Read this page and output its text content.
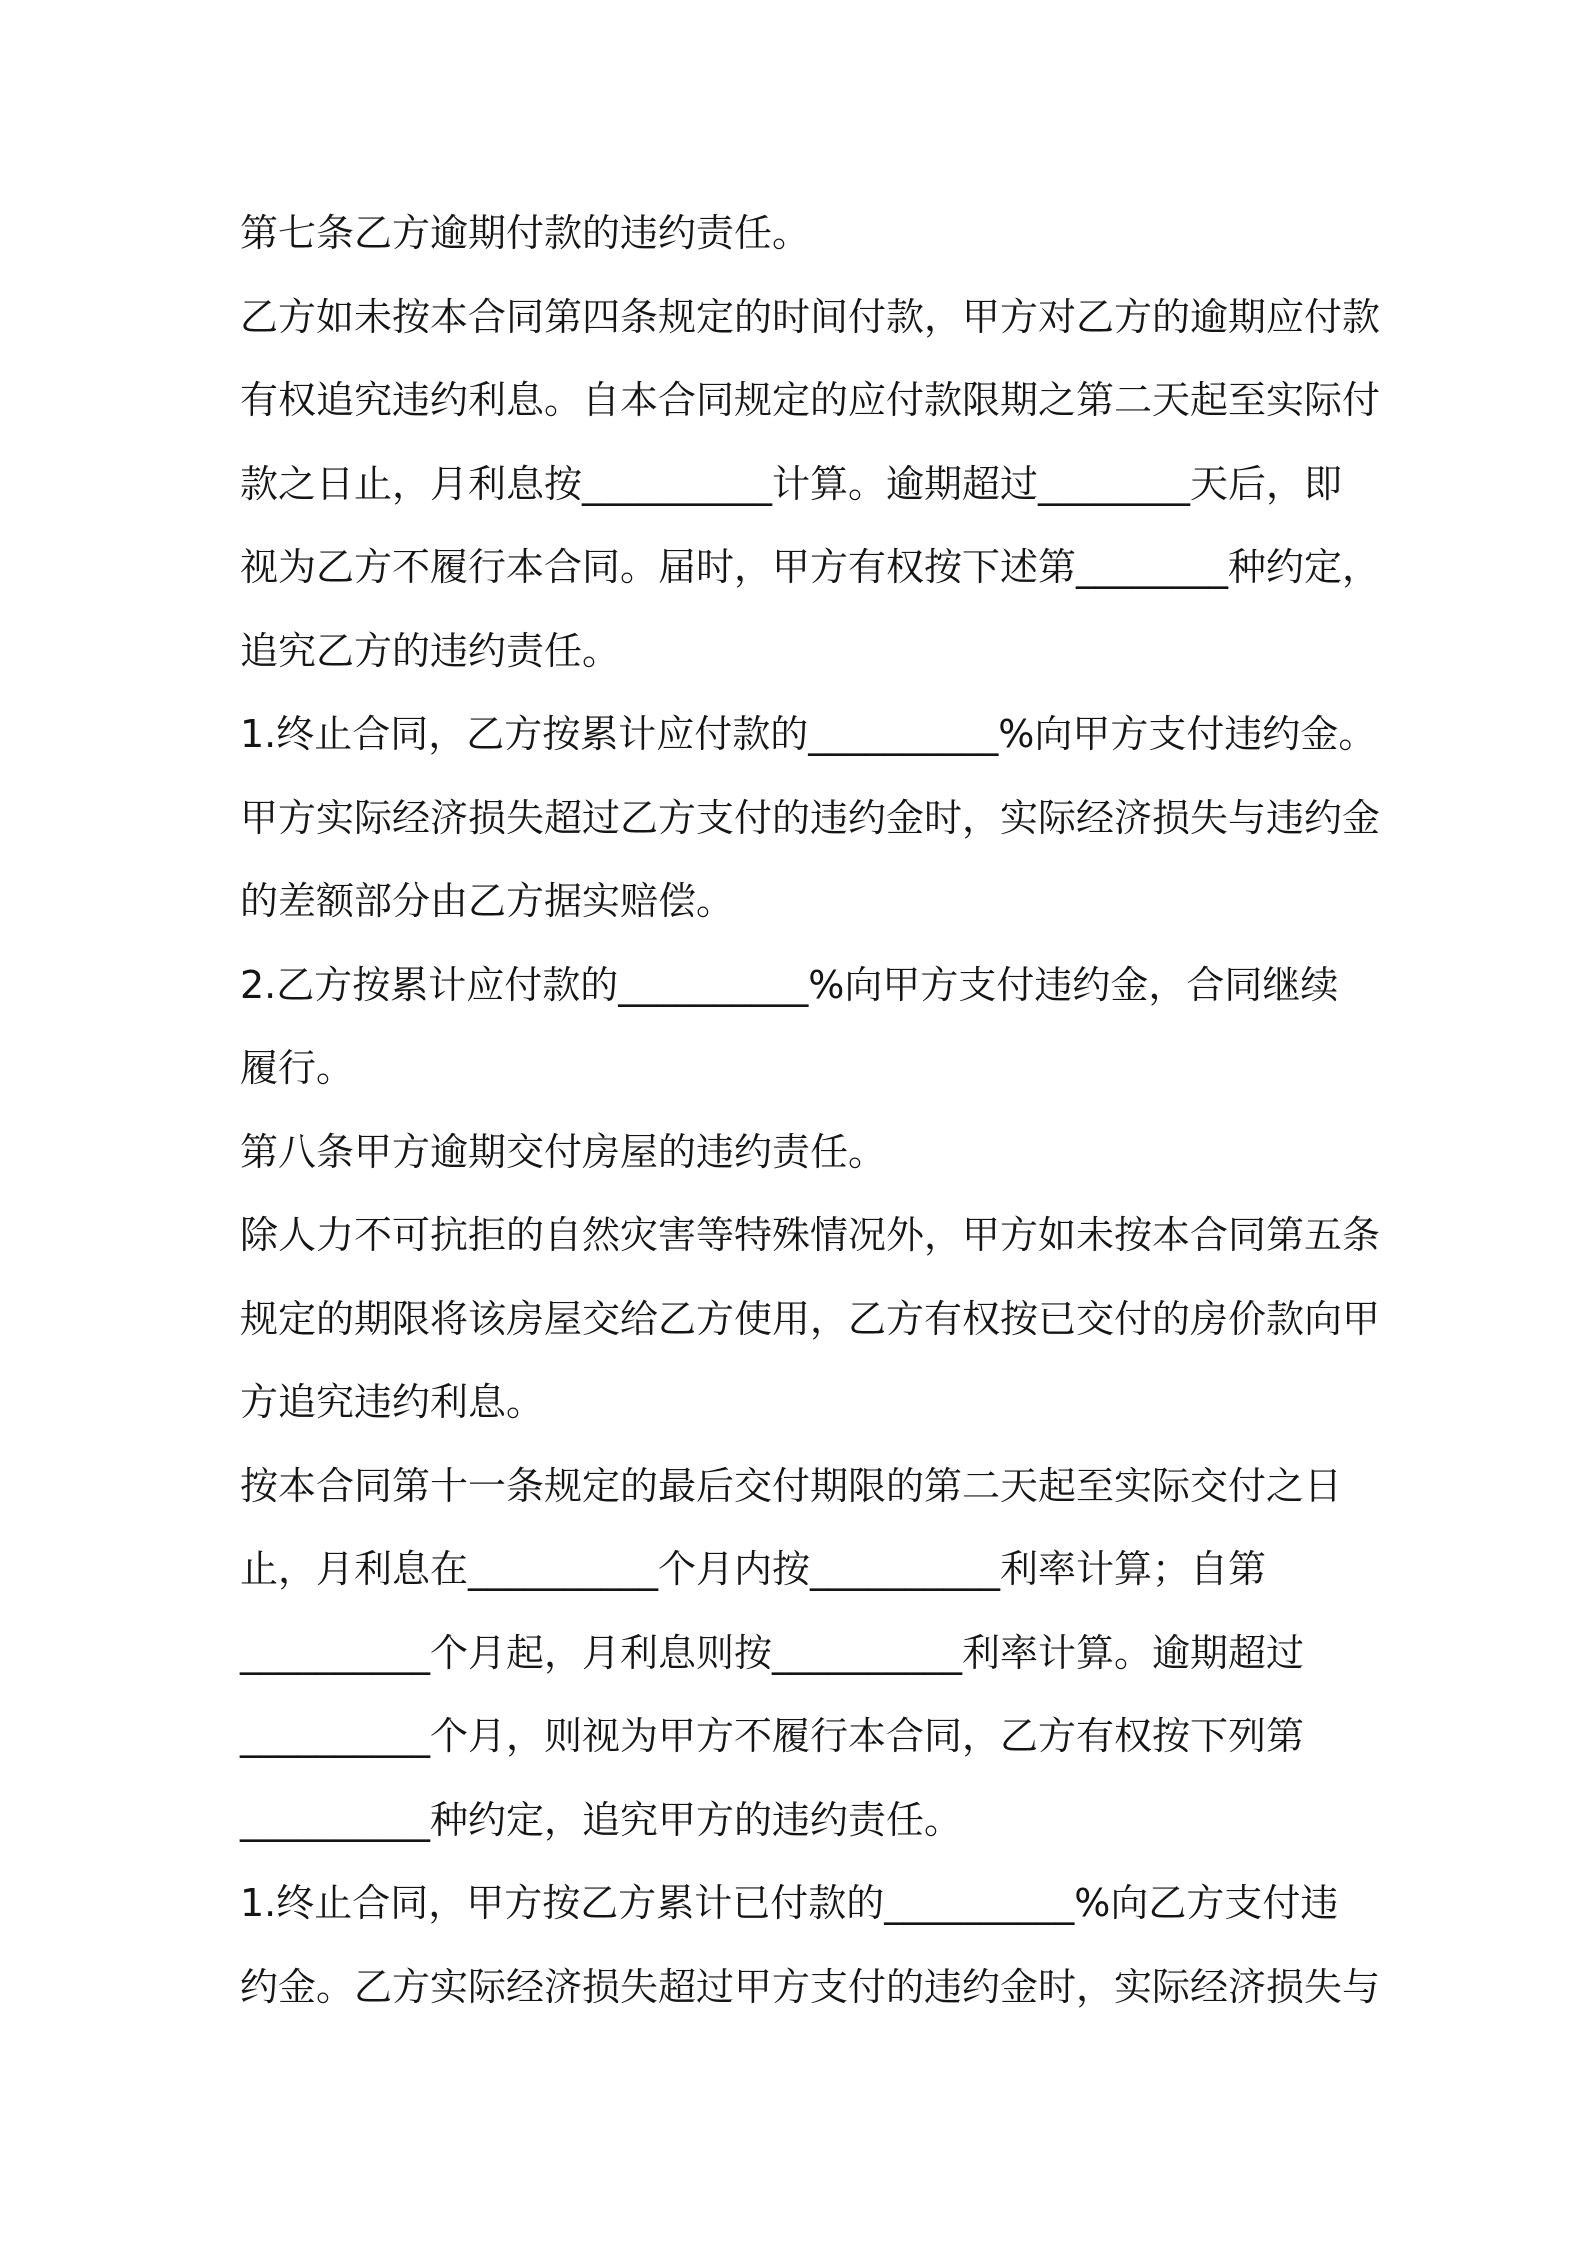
第七条乙方逾期付款的违约责任。
乙方如未按本合同第四条规定的时间付款，甲方对乙方的逾期应付款
有权追究违约利息。自本合同规定的应付款限期之第二天起至实际付
款之日止，月利息按__________计算。逾期超过________天后，即
视为乙方不履行本合同。届时，甲方有权按下述第________种约定，
追究乙方的违约责任。
1.终止合同，乙方按累计应付款的__________%向甲方支付违约金。
甲方实际经济损失超过乙方支付的违约金时，实际经济损失与违约金
的差额部分由乙方据实赔偿。
2.乙方按累计应付款的__________%向甲方支付违约金，合同继续
履行。
第八条甲方逾期交付房屋的违约责任。
除人力不可抗拒的自然灾害等特殊情况外，甲方如未按本合同第五条
规定的期限将该房屋交给乙方使用，乙方有权按已交付的房价款向甲
方追究违约利息。
按本合同第十一条规定的最后交付期限的第二天起至实际交付之日
止，月利息在__________个月内按__________利率计算；自第
__________个月起，月利息则按__________利率计算。逾期超过
__________个月，则视为甲方不履行本合同，乙方有权按下列第
__________种约定，追究甲方的违约责任。
1.终止合同，甲方按乙方累计已付款的__________%向乙方支付违
约金。乙方实际经济损失超过甲方支付的违约金时，实际经济损失与
